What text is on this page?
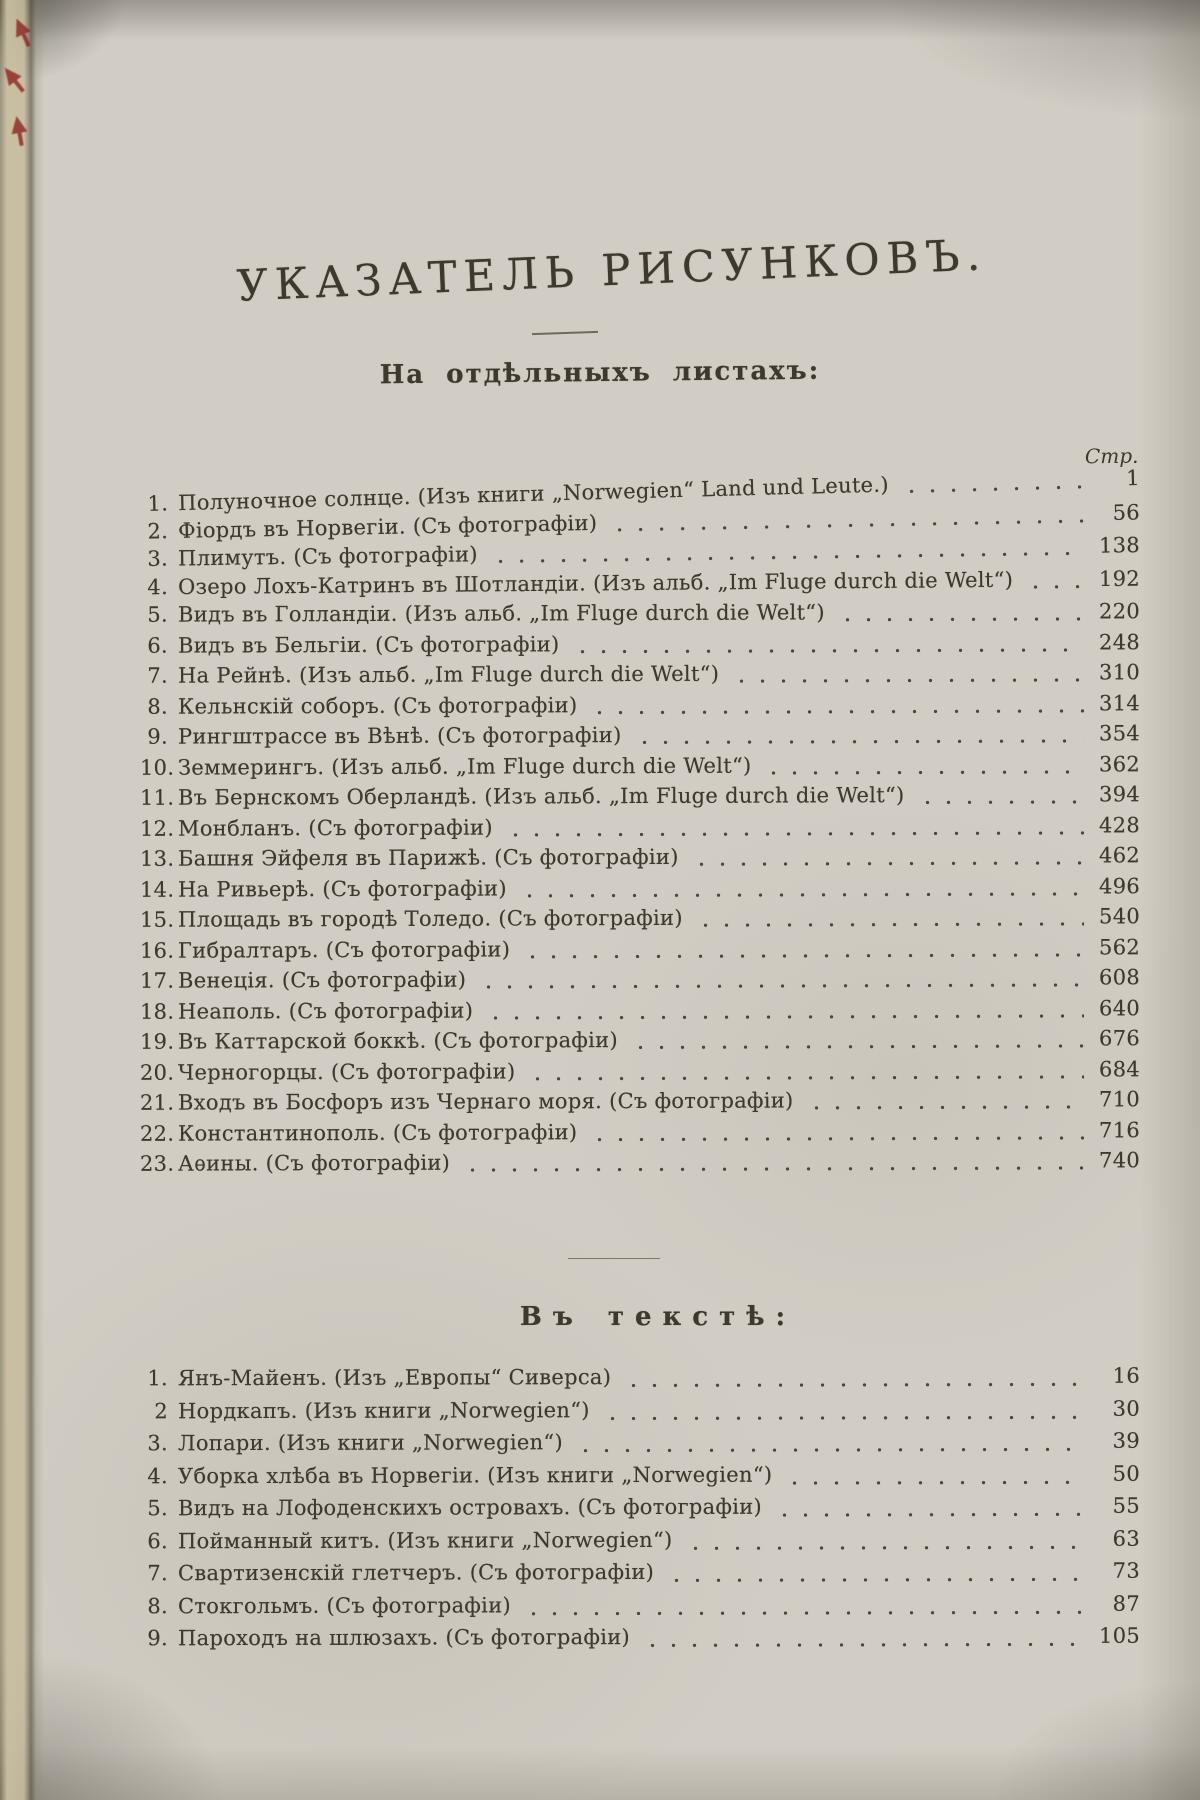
УКАЗАТЕЛЬ РИСУНКОВЪ.
На отдѣльныхъ листахъ:
Стр.
1. Полуночное солнце. (Изъ книги „Norwegien“ Land und Leute.)	1
2. Фіордъ въ Норвегіи. (Съ фотографіи)	56
3. Плимутъ. (Съ фотографіи)	138
4. Озеро Лохъ-Катринъ въ Шотландіи. (Изъ альб. „Im Fluge durch die Welt“)	192
5. Видъ въ Голландіи. (Изъ альб. „Im Fluge durch die Welt“)	220
6. Видъ въ Бельгіи. (Съ фотографіи)	248
7. На Рейнѣ. (Изъ альб. „Im Fluge durch die Welt“)	310
8. Кельнскій соборъ. (Съ фотографіи)	314
9. Рингштрассе въ Вѣнѣ. (Съ фотографіи)	354
10. Земмерингъ. (Изъ альб. „Im Fluge durch die Welt“)	362
11. Въ Бернскомъ Оберландѣ. (Изъ альб. „Im Fluge durch die Welt“)	394
12. Монбланъ. (Съ фотографіи)	428
13. Башня Эйфеля въ Парижѣ. (Съ фотографіи)	462
14. На Ривьерѣ. (Съ фотографіи)	496
15. Площадь въ городѣ Толедо. (Съ фотографіи)	540
16. Гибралтаръ. (Съ фотографіи)	562
17. Венеція. (Съ фотографіи)	608
18. Неаполь. (Съ фотографіи)	640
19. Въ Каттарской боккѣ. (Съ фотографіи)	676
20. Черногорцы. (Съ фотографіи)	684
21. Входъ въ Босфоръ изъ Чернаго моря. (Съ фотографіи)	710
22. Константинополь. (Съ фотографіи)	716
23. Аѳины. (Съ фотографіи)	740
Въ текстѣ:
1. Янъ-Майенъ. (Изъ „Европы“ Сиверса)	16
2 Нордкапъ. (Изъ книги „Norwegien“)	30
3. Лопари. (Изъ книги „Norwegien“)	39
4. Уборка хлѣба въ Норвегіи. (Изъ книги „Norwegien“)	50
5. Видъ на Лофоденскихъ островахъ. (Съ фотографіи)	55
6. Пойманный китъ. (Изъ книги „Norwegien“)	63
7. Свартизенскій глетчеръ. (Съ фотографіи)	73
8. Стокгольмъ. (Съ фотографіи)	87
9. Пароходъ на шлюзахъ. (Съ фотографіи)	105
